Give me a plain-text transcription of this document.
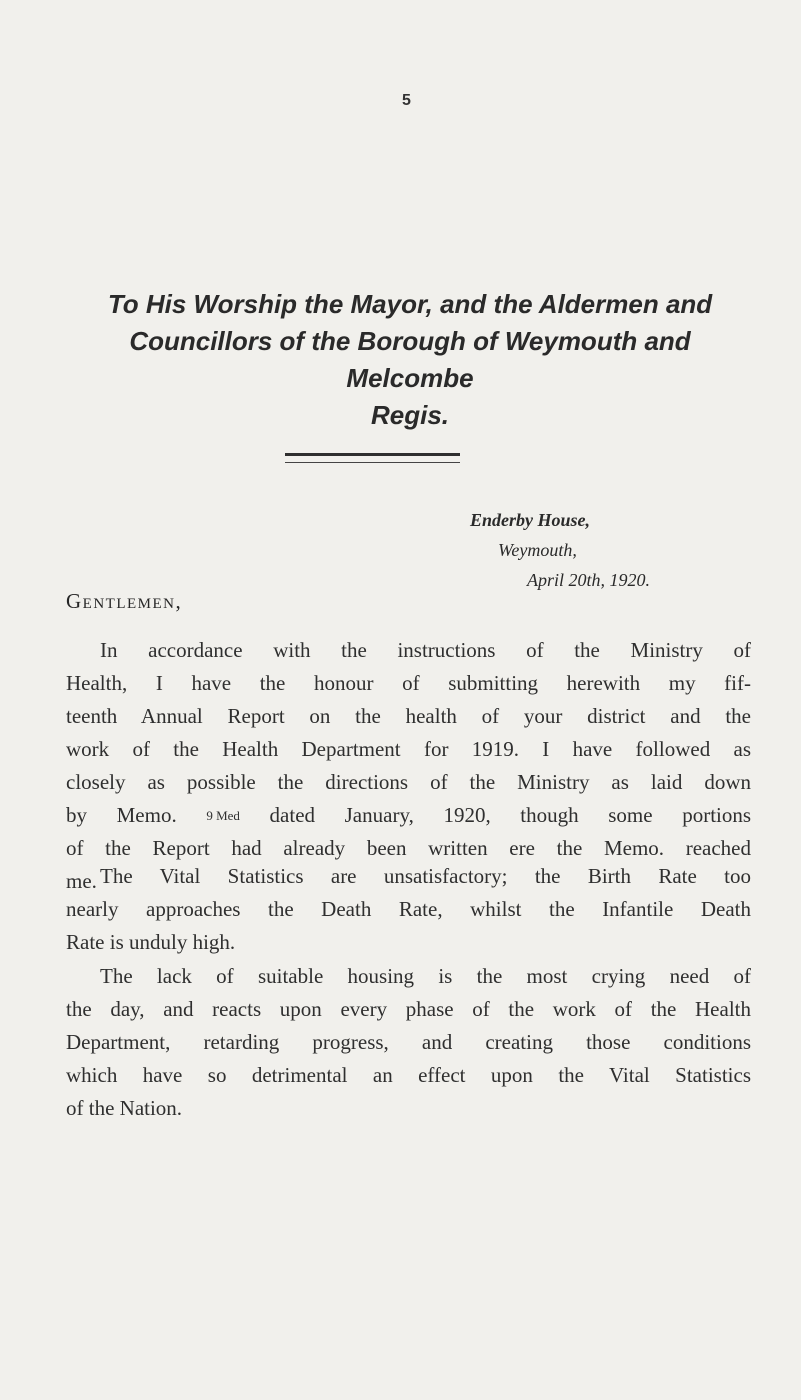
5
To His Worship the Mayor, and the Aldermen and
Councillors of the Borough of Weymouth and Melcombe
Regis.
Enderby House,
Weymouth,
April 20th, 1920.
Gentlemen,
In accordance with the instructions of the Ministry of
Health, I have the honour of submitting herewith my fif-
teenth Annual Report on the health of your district and the
work of the Health Department for 1919. I have followed as
closely as possible the directions of the Ministry as laid down
by Memo. 9 Med dated January, 1920, though some portions
of the Report had already been written ere the Memo. reached
me. The Vital Statistics are unsatisfactory; the Birth Rate too
nearly approaches the Death Rate, whilst the Infantile Death
Rate is unduly high.
The lack of suitable housing is the most crying need of
the day, and reacts upon every phase of the work of the Health
Department, retarding progress, and creating those conditions
which have so detrimental an effect upon the Vital Statistics
of the Nation.
